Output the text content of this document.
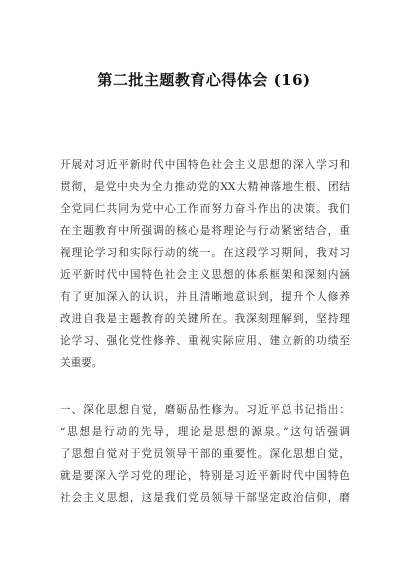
第二批主题教育心得体会 (16)
开展对习近平新时代中国特色社会主义思想的深入学习和
贯彻，是党中央为全力推动党的XX大精神落地生根、团结
全党同仁共同为党中心工作而努力奋斗作出的决策。我们
在主题教育中所强调的核心是将理论与行动紧密结合，重
视理论学习和实际行动的统一。在这段学习期间，我对习
近平新时代中国特色社会主义思想的体系框架和深刻内涵
有了更加深入的认识，并且清晰地意识到，提升个人修养
改进自我是主题教育的关键所在。我深刻理解到，坚持理
论学习、强化党性修养、重视实际应用、建立新的功绩至
关重要。
一、深化思想自觉，磨砺品性修为。习近平总书记指出：
“思想是行动的先导，理论是思想的源泉。”这句话强调
了思想自觉对于党员领导干部的重要性。深化思想自觉，
就是要深入学习党的理论，特别是习近平新时代中国特色
社会主义思想，这是我们党员领导干部坚定政治信仰，磨
